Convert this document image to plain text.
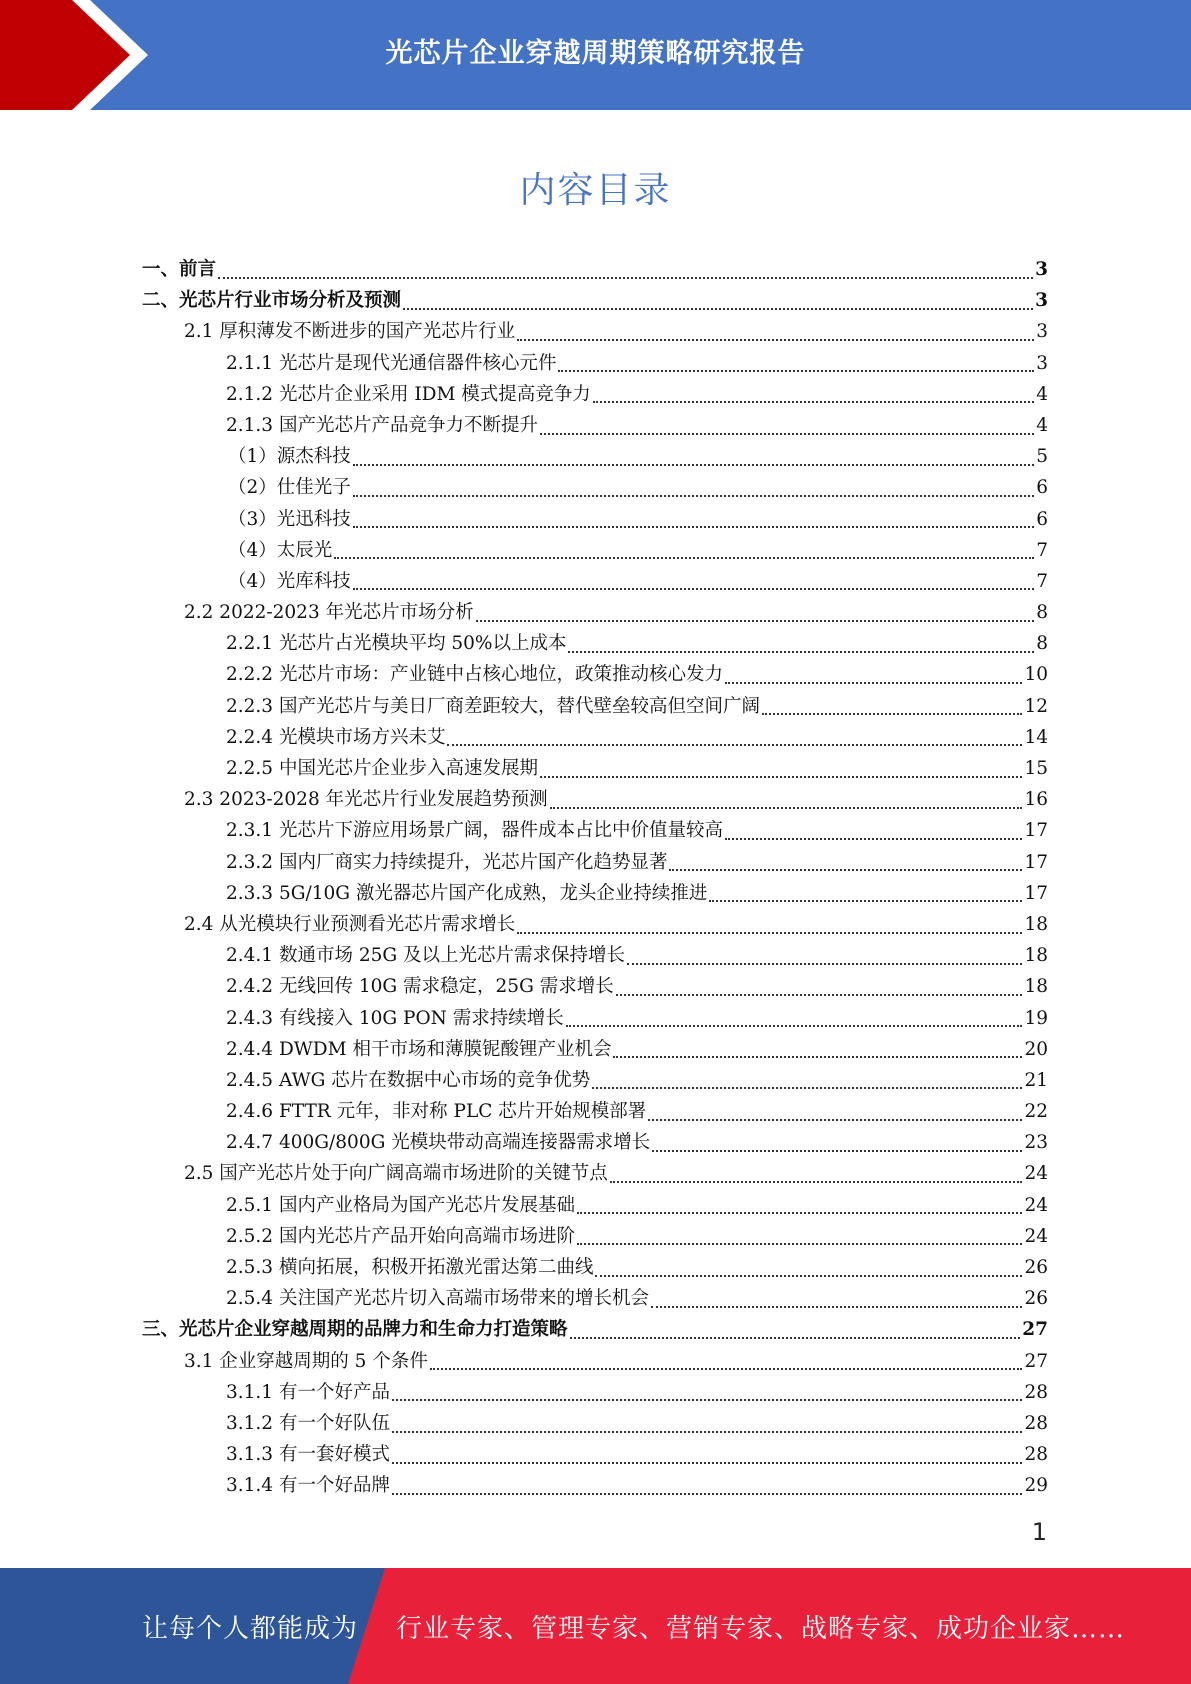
光芯片企业穿越周期策略研究报告
内容目录
一、前言	3
二、光芯片行业市场分析及预测	3
2.1 厚积薄发不断进步的国产光芯片行业	3
2.1.1 光芯片是现代光通信器件核心元件	3
2.1.2 光芯片企业采用 IDM 模式提高竞争力	4
2.1.3 国产光芯片产品竞争力不断提升	4
（1）源杰科技	5
（2）仕佳光子	6
（3）光迅科技	6
（4）太辰光	7
（4）光库科技	7
2.2 2022-2023 年光芯片市场分析	8
2.2.1 光芯片占光模块平均 50%以上成本	8
2.2.2 光芯片市场：产业链中占核心地位，政策推动核心发力	10
2.2.3 国产光芯片与美日厂商差距较大，替代壁垒较高但空间广阔	12
2.2.4 光模块市场方兴未艾	14
2.2.5 中国光芯片企业步入高速发展期	15
2.3 2023-2028 年光芯片行业发展趋势预测	16
2.3.1 光芯片下游应用场景广阔，器件成本占比中价值量较高	17
2.3.2 国内厂商实力持续提升，光芯片国产化趋势显著	17
2.3.3 5G/10G 激光器芯片国产化成熟，龙头企业持续推进	17
2.4 从光模块行业预测看光芯片需求增长	18
2.4.1 数通市场 25G 及以上光芯片需求保持增长	18
2.4.2 无线回传 10G 需求稳定，25G 需求增长	18
2.4.3 有线接入 10G PON 需求持续增长	19
2.4.4 DWDM 相干市场和薄膜铌酸锂产业机会	20
2.4.5 AWG 芯片在数据中心市场的竞争优势	21
2.4.6 FTTR 元年，非对称 PLC 芯片开始规模部署	22
2.4.7 400G/800G 光模块带动高端连接器需求增长	23
2.5 国产光芯片处于向广阔高端市场进阶的关键节点	24
2.5.1 国内产业格局为国产光芯片发展基础	24
2.5.2 国内光芯片产品开始向高端市场进阶	24
2.5.3 横向拓展，积极开拓激光雷达第二曲线	26
2.5.4 关注国产光芯片切入高端市场带来的增长机会	26
三、光芯片企业穿越周期的品牌力和生命力打造策略	27
3.1 企业穿越周期的 5 个条件	27
3.1.1 有一个好产品	28
3.1.2 有一个好队伍	28
3.1.3 有一套好模式	28
3.1.4 有一个好品牌	29
1
让每个人都能成为 行业专家、管理专家、营销专家、战略专家、成功企业家……
